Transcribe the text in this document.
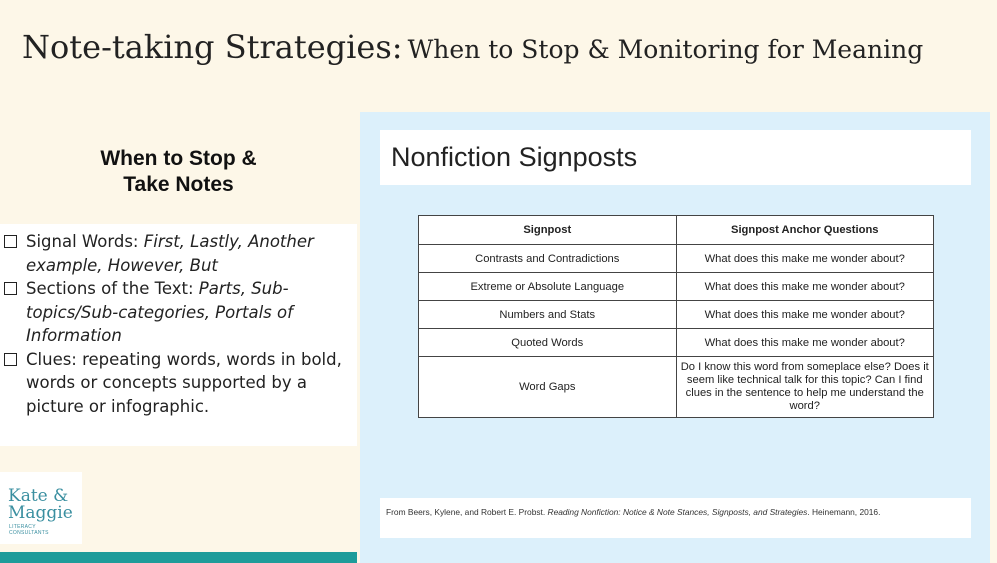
Note-taking Strategies: When to Stop & Monitoring for Meaning
When to Stop &
Take Notes
Signal Words: First, Lastly, Another example, However, But
Sections of the Text: Parts, Sub-topics/Sub-categories, Portals of Information
Clues: repeating words, words in bold, words or concepts supported by a picture or infographic.
Kate &
Maggie
LITERACY
CONSULTANTS
Nonfiction Signposts
Signpost	Signpost Anchor Questions
Contrasts and Contradictions	What does this make me wonder about?
Extreme or Absolute Language	What does this make me wonder about?
Numbers and Stats	What does this make me wonder about?
Quoted Words	What does this make me wonder about?
Word Gaps	Do I know this word from someplace else? Does it seem like technical talk for this topic? Can I find clues in the sentence to help me understand the word?
From Beers, Kylene, and Robert E. Probst. Reading Nonfiction: Notice & Note Stances, Signposts, and Strategies. Heinemann, 2016.
